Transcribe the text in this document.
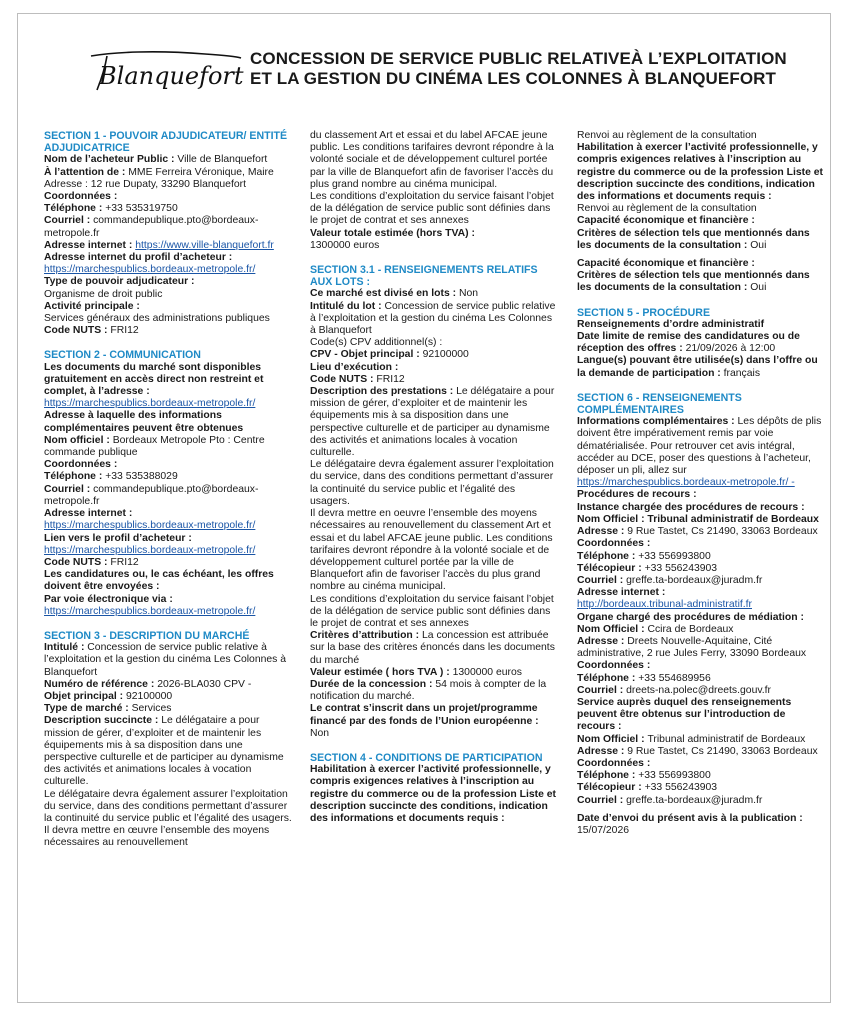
Blanquefort
CONCESSION DE SERVICE PUBLIC RELATIVEÀ L’EXPLOITATION
ET LA GESTION DU CINÉMA LES COLONNES À BLANQUEFORT
SECTION 1 - POUVOIR ADJUDICATEUR/ ENTITÉ ADJUDICATRICE
Nom de l’acheteur Public : Ville de Blanquefort
À l’attention de : MME Ferreira Véronique, Maire Adresse : 12 rue Dupaty, 33290 Blanquefort
Coordonnées :
Téléphone : +33 535319750
Courriel : commandepublique.pto@bordeaux-metropole.fr
Adresse internet : https://www.ville-blanquefort.fr
Adresse internet du profil d’acheteur :
https://marchespublics.bordeaux-metropole.fr/
Type de pouvoir adjudicateur :
Organisme de droit public
Activité principale :
Services généraux des administrations publiques
Code NUTS : FRI12
SECTION 2 - COMMUNICATION
Les documents du marché sont disponibles gratuitement en accès direct non restreint et complet, à l’adresse :
https://marchespublics.bordeaux-metropole.fr/
Adresse à laquelle des informations complémentaires peuvent être obtenues
Nom officiel : Bordeaux Metropole Pto : Centre commande publique
Coordonnées :
Téléphone : +33 535388029
Courriel : commandepublique.pto@bordeaux-metropole.fr
Adresse internet :
https://marchespublics.bordeaux-metropole.fr/
Lien vers le profil d’acheteur :
https://marchespublics.bordeaux-metropole.fr/
Code NUTS : FRI12
Les candidatures ou, le cas échéant, les offres doivent être envoyées :
Par voie électronique via :
https://marchespublics.bordeaux-metropole.fr/
SECTION 3 - DESCRIPTION DU MARCHÉ
Intitulé : Concession de service public relative à l’exploitation et la gestion du cinéma Les Colonnes à Blanquefort
Numéro de référence : 2026-BLA030 CPV -
Objet principal : 92100000
Type de marché : Services
Description succincte : Le délégataire a pour mission de gérer, d’exploiter et de maintenir les équipements mis à sa disposition dans une perspective culturelle et de participer au dynamisme des activités et animations locales à vocation culturelle.
Le délégataire devra également assurer l’exploitation du service, dans des conditions permettant d’assurer la continuité du service public et l’égalité des usagers.
Il devra mettre en œuvre l’ensemble des moyens nécessaires au renouvellement
du classement Art et essai et du label AFCAE jeune public. Les conditions tarifaires devront répondre à la volonté sociale et de développement culturel portée par la ville de Blanquefort afin de favoriser l’accès du plus grand nombre au cinéma municipal.
Les conditions d’exploitation du service faisant l’objet de la délégation de service public sont définies dans le projet de contrat et ses annexes
Valeur totale estimée (hors TVA) :
1300000 euros
SECTION 3.1 - RENSEIGNEMENTS RELATIFS AUX LOTS :
Ce marché est divisé en lots : Non
Intitulé du lot : Concession de service public relative à l’exploitation et la gestion du cinéma Les Colonnes à Blanquefort
Code(s) CPV additionnel(s) :
CPV - Objet principal : 92100000
Lieu d’exécution :
Code NUTS : FRI12
Description des prestations : Le délégataire a pour mission de gérer, d’exploiter et de maintenir les équipements mis à sa disposition dans une perspective culturelle et de participer au dynamisme des activités et animations locales à vocation culturelle.
Le délégataire devra également assurer l’exploitation du service, dans des conditions permettant d’assurer la continuité du service public et l’égalité des usagers.
Il devra mettre en oeuvre l’ensemble des moyens nécessaires au renouvellement du classement Art et essai et du label AFCAE jeune public. Les conditions tarifaires devront répondre à la volonté sociale et de développement culturel portée par la ville de Blanquefort afin de favoriser l’accès du plus grand nombre au cinéma municipal.
Les conditions d’exploitation du service faisant l’objet de la délégation de service public sont définies dans le projet de contrat et ses annexes
Critères d’attribution : La concession est attribuée sur la base des critères énoncés dans les documents du marché
Valeur estimée ( hors TVA ) : 1300000 euros
Durée de la concession : 54 mois à compter de la notification du marché.
Le contrat s’inscrit dans un projet/programme financé par des fonds de l’Union européenne :
Non
SECTION 4 - CONDITIONS DE PARTICIPATION
Habilitation à exercer l’activité professionnelle, y compris exigences relatives à l’inscription au registre du commerce ou de la profession Liste et description succincte des conditions, indication des informations et documents requis :
Renvoi au règlement de la consultation
Habilitation à exercer l’activité professionnelle, y compris exigences relatives à l’inscription au registre du commerce ou de la profession Liste et description succincte des conditions, indication des informations et documents requis :
Renvoi au règlement de la consultation
Capacité économique et financière :
Critères de sélection tels que mentionnés dans les documents de la consultation : Oui
Capacité économique et financière :
Critères de sélection tels que mentionnés dans les documents de la consultation : Oui
SECTION 5 - PROCÉDURE
Renseignements d’ordre administratif
Date limite de remise des candidatures ou de réception des offres : 21/09/2026 à 12:00
Langue(s) pouvant être utilisée(s) dans l’offre ou la demande de participation : français
SECTION 6 - RENSEIGNEMENTS COMPLÉMENTAIRES
Informations complémentaires : Les dépôts de plis doivent être impérativement remis par voie dématérialisée. Pour retrouver cet avis intégral, accéder au DCE, poser des questions à l’acheteur, déposer un pli, allez sur
https://marchespublics.bordeaux-metropole.fr/ -
Procédures de recours :
Instance chargée des procédures de recours :
Nom Officiel : Tribunal administratif de Bordeaux Adresse : 9 Rue Tastet, Cs 21490, 33063 Bordeaux
Coordonnées :
Téléphone : +33 556993800
Télécopieur : +33 556243903
Courriel : greffe.ta-bordeaux@juradm.fr
Adresse internet :
http://bordeaux.tribunal-administratif.fr
Organe chargé des procédures de médiation :
Nom Officiel : Ccira de Bordeaux
Adresse : Dreets Nouvelle-Aquitaine, Cité administrative, 2 rue Jules Ferry, 33090 Bordeaux
Coordonnées :
Téléphone : +33 554689956
Courriel : dreets-na.polec@dreets.gouv.fr
Service auprès duquel des renseignements peuvent être obtenus sur l’introduction de recours :
Nom Officiel : Tribunal administratif de Bordeaux
Adresse : 9 Rue Tastet, Cs 21490, 33063 Bordeaux
Coordonnées :
Téléphone : +33 556993800
Télécopieur : +33 556243903
Courriel : greffe.ta-bordeaux@juradm.fr
Date d’envoi du présent avis à la publication :
15/07/2026
